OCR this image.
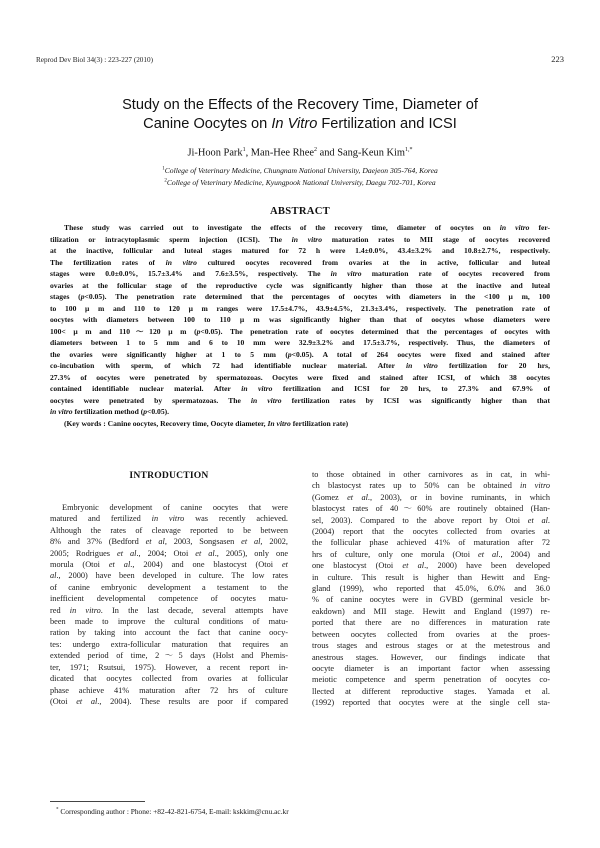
Reprod Dev Biol 34(3) : 223-227 (2010)	223
Study on the Effects of the Recovery Time, Diameter of
Canine Oocytes on In Vitro Fertilization and ICSI
Ji-Hoon Park$^1$, Man-Hee Rhee$^2$ and Sang-Keun Kim$^{1,*}$
$^1$College of Veterinary Medicine, Chungnam National University, Daejeon 305-764, Korea
$^2$College of Veterinary Medicine, Kyungpook National University, Daegu 702-701, Korea
ABSTRACT
These study was carried out to investigate the effects of the recovery time, diameter of oocytes on in vitro fer-
tilization or intracytoplasmic sperm injection (ICSI). The in vitro maturation rates to MII stage of oocytes recovered
at the inactive, follicular and luteal stages matured for 72 h were 1.4±0.0%, 43.4±3.2% and 10.8±2.7%, respectively.
The fertilization rates of in vitro cultured oocytes recovered from ovaries at the in active, follicular and luteal
stages were 0.0±0.0%, 15.7±3.4% and 7.6±3.5%, respectively. The in vitro maturation rate of oocytes recovered from
ovaries at the follicular stage of the reproductive cycle was significantly higher than those at the inactive and luteal
stages (p<0.05). The penetration rate determined that the percentages of oocytes with diameters in the <100 μ m, 100
to 100 μ m and 110 to 120 μ m ranges were 17.5±4.7%, 43.9±4.5%, 21.3±3.4%, respectively. The penetration rate of
oocytes with diameters between 100 to 110 μ m was significantly higher than that of oocytes whose diameters were
100< μ m and 110～120 μ m (p<0.05). The penetration rate of oocytes determined that the percentages of oocytes with
diameters between 1 to 5 mm and 6 to 10 mm were 32.9±3.2% and 17.5±3.7%, respectively. Thus, the diameters of
the ovaries were significantly higher at 1 to 5 mm (p<0.05). A total of 264 oocytes were fixed and stained after
co-incubation with sperm, of which 72 had identifiable nuclear material. After in vitro fertilization for 20 hrs,
27.3% of oocytes were penetrated by spermatozoas. Oocytes were fixed and stained after ICSI, of which 38 oocytes
contained identifiable nuclear material. After in vitro fertilization and ICSI for 20 hrs, to 27.3% and 67.9% of
oocytes were penetrated by spermatozoas. The in vitro fertilization rates by ICSI was significantly higher than that
in vitro fertilization method (p<0.05).
(Key words : Canine oocytes, Recovery time, Oocyte diameter, In vitro fertilization rate)
INTRODUCTION
Embryonic development of canine oocytes that were
matured and fertilized in vitro was recently achieved.
Although the rates of cleavage reported to be between
8% and 37% (Bedford et al, 2003, Songsasen et al, 2002,
2005; Rodrigues et al., 2004; Otoi et al., 2005), only one
morula (Otoi et al., 2004) and one blastocyst (Otoi et
al., 2000) have been developed in culture. The low rates
of canine embryonic development a testament to the
inefficient developmental competence of oocytes matu-
red in vitro. In the last decade, several attempts have
been made to improve the cultural conditions of matu-
ration by taking into account the fact that canine oocy-
tes: undergo extra-follicular maturation that requires an
extended period of time, 2～5 days (Holst and Phemis-
ter, 1971; Rsutsui, 1975). However, a recent report in-
dicated that oocytes collected from ovaries at follicular
phase achieve 41% maturation after 72 hrs of culture
(Otoi et al., 2004). These results are poor if compared
to those obtained in other carnivores as in cat, in whi-
ch blastocyst rates up to 50% can be obtained in vitro
(Gomez et al., 2003), or in bovine ruminants, in which
blastocyst rates of 40～60% are routinely obtained (Han-
sel, 2003). Compared to the above report by Otoi et al.
(2004) report that the oocytes collected from ovaries at
the follicular phase achieved 41% of maturation after 72
hrs of culture, only one morula (Otoi et al., 2004) and
one blastocyst (Otoi et al., 2000) have been developed
in culture. This result is higher than Hewitt and Eng-
gland (1999), who reported that 45.0%, 6.0% and 36.0
% of canine oocytes were in GVBD (germinal vesicle br-
eakdown) and MII stage. Hewitt and England (1997) re-
ported that there are no differences in maturation rate
between oocytes collected from ovaries at the proes-
trous stages and estrous stages or at the metestrous and
anestrous stages. However, our findings indicate that
oocyte diameter is an important factor when assessing
meiotic competence and sperm penetration of oocytes co-
llected at different reproductive stages. Yamada et al.
(1992) reported that oocytes were at the single cell sta-
* Corresponding author : Phone: +82-42-821-6754, E-mail: kskkim@cnu.ac.kr
